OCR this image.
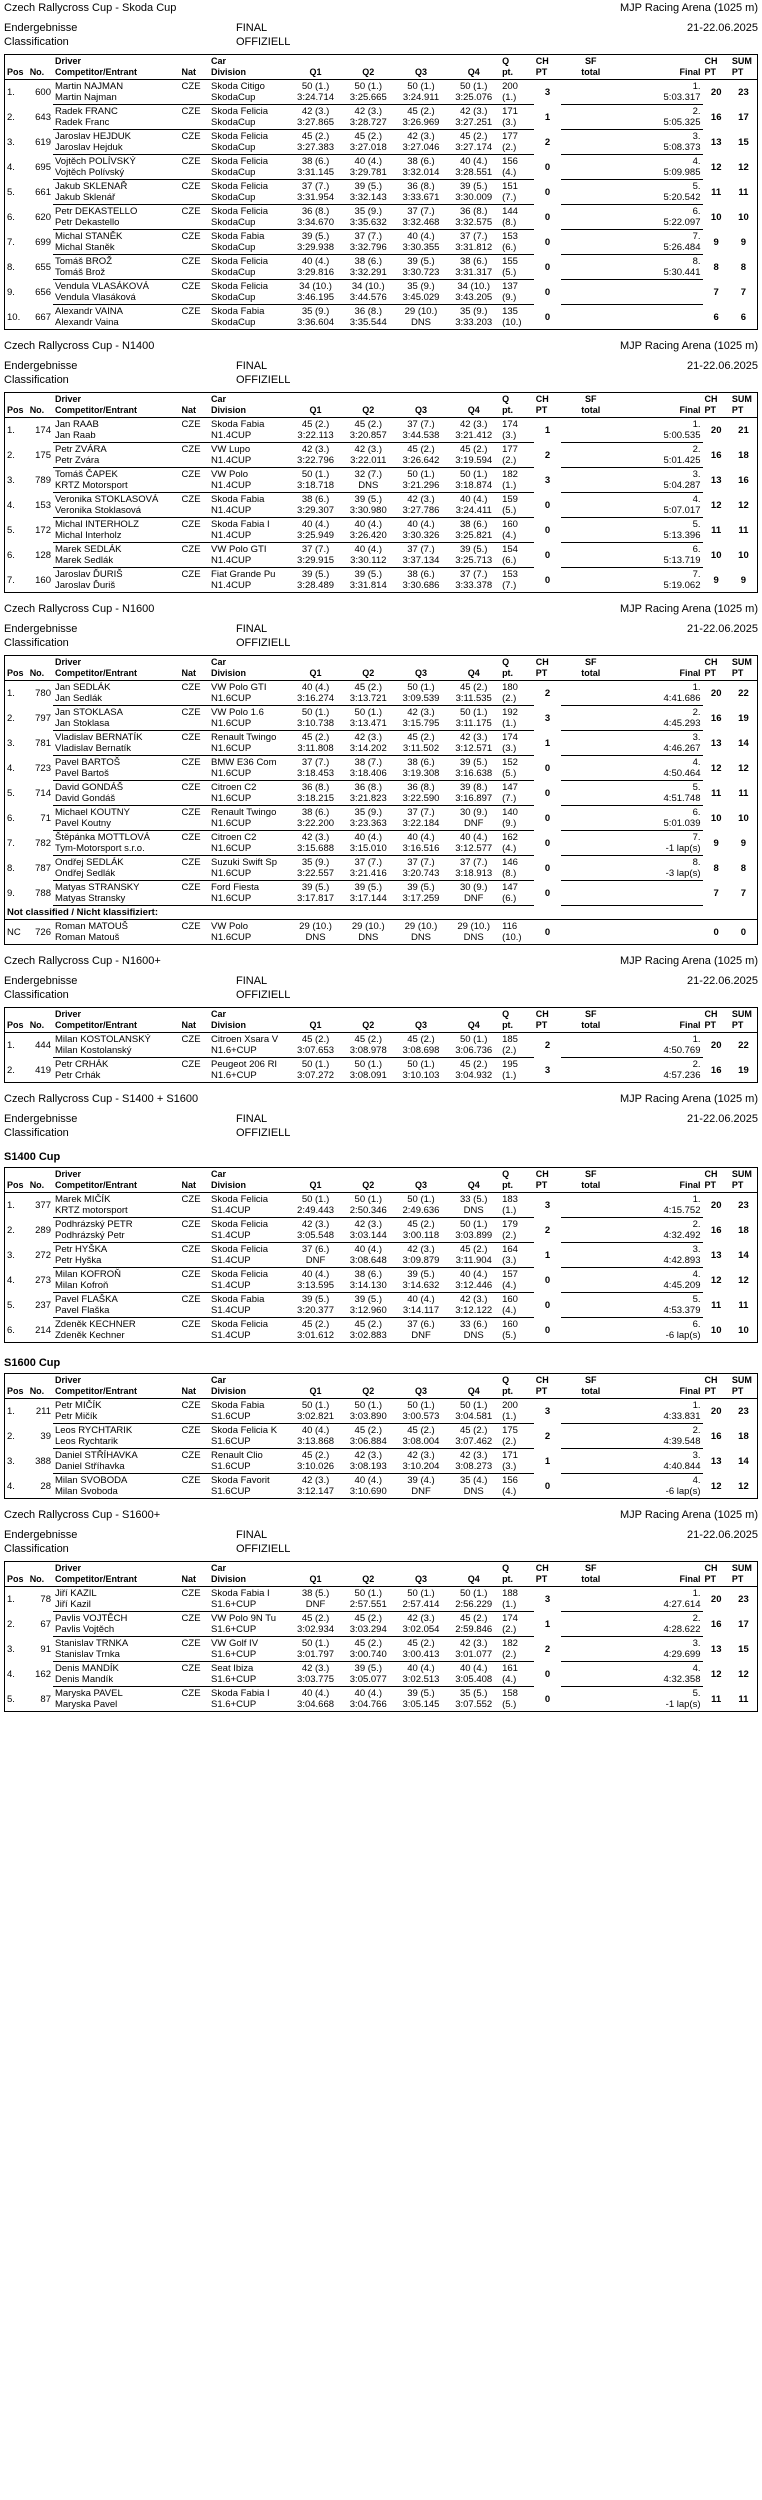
Czech Rallycross Cup - Skoda Cup	MJP Racing Arena (1025 m)
Endergebnisse	FINAL	21-22.06.2025
Classification	OFFIZIELL
Pos	No.	Driver
Competitor/Entrant	Nat	Car
Division	Q1	Q2	Q3	Q4	Q
pt.	CH
PT	SF
total	Final	CH
PT	SUM
PT
1.	600	Martin NAJMAN	CZE	Skoda Citigo	50 (1.)	50 (1.)	50 (1.)	50 (1.)	200	3		1.	20	23
		Martin Najman		SkodaCup	3:24.714	3:25.665	3:24.911	3:25.076	(1.)			5:03.317		
2.	643	Radek FRANC	CZE	Skoda Felicia	42 (3.)	42 (3.)	45 (2.)	42 (3.)	171	1		2.	16	17
		Radek Franc		SkodaCup	3:27.865	3:28.727	3:26.969	3:27.251	(3.)			5:05.325		
3.	619	Jaroslav HEJDUK	CZE	Skoda Felicia	45 (2.)	45 (2.)	42 (3.)	45 (2.)	177	2		3.	13	15
		Jaroslav Hejduk		SkodaCup	3:27.383	3:27.018	3:27.046	3:27.174	(2.)			5:08.373		
4.	695	Vojtěch POLÍVSKÝ	CZE	Skoda Felicia	38 (6.)	40 (4.)	38 (6.)	40 (4.)	156	0		4.	12	12
		Vojtěch Polívský		SkodaCup	3:31.145	3:29.781	3:32.014	3:28.551	(4.)			5:09.985		
5.	661	Jakub SKLENAŘ	CZE	Skoda Felicia	37 (7.)	39 (5.)	36 (8.)	39 (5.)	151	0		5.	11	11
		Jakub Sklenář		SkodaCup	3:31.954	3:32.143	3:33.671	3:30.009	(7.)			5:20.542		
6.	620	Petr DEKASTELLO	CZE	Skoda Felicia	36 (8.)	35 (9.)	37 (7.)	36 (8.)	144	0		6.	10	10
		Petr Dekastello		SkodaCup	3:34.670	3:35.632	3:32.468	3:32.575	(8.)			5:22.097		
7.	699	Michal STANĚK	CZE	Skoda Fabia	39 (5.)	37 (7.)	40 (4.)	37 (7.)	153	0		7.	9	9
		Michal Staněk		SkodaCup	3:29.938	3:32.796	3:30.355	3:31.812	(6.)			5:26.484		
8.	655	Tomáš BROŽ	CZE	Skoda Felicia	40 (4.)	38 (6.)	39 (5.)	38 (6.)	155	0		8.	8	8
		Tomáš Brož		SkodaCup	3:29.816	3:32.291	3:30.723	3:31.317	(5.)			5:30.441		
9.	656	Vendula VLASÁKOVÁ	CZE	Skoda Felicia	34 (10.)	34 (10.)	35 (9.)	34 (10.)	137	0			7	7
		Vendula Vlasáková		SkodaCup	3:46.195	3:44.576	3:45.029	3:43.205	(9.)					
10.	667	Alexandr VAINA	CZE	Skoda Fabia	35 (9.)	36 (8.)	29 (10.)	35 (9.)	135	0			6	6
		Alexandr Vaina		SkodaCup	3:36.604	3:35.544	DNS	3:33.203	(10.)					
Czech Rallycross Cup - N1400	MJP Racing Arena (1025 m)
Endergebnisse	FINAL	21-22.06.2025
Classification	OFFIZIELL
Pos	No.	Driver
Competitor/Entrant	Nat	Car
Division	Q1	Q2	Q3	Q4	Q
pt.	CH
PT	SF
total	Final	CH
PT	SUM
PT
1.	174	Jan RAAB	CZE	Skoda Fabia	45 (2.)	45 (2.)	37 (7.)	42 (3.)	174	1		1.	20	21
		Jan Raab		N1.4CUP	3:22.113	3:20.857	3:44.538	3:21.412	(3.)			5:00.535		
2.	175	Petr ZVÁRA	CZE	VW Lupo	42 (3.)	42 (3.)	45 (2.)	45 (2.)	177	2		2.	16	18
		Petr Zvára		N1.4CUP	3:22.796	3:22.011	3:26.642	3:19.594	(2.)			5:01.425		
3.	789	Tomáš ČAPEK	CZE	VW Polo	50 (1.)	32 (7.)	50 (1.)	50 (1.)	182	3		3.	13	16
		KRTZ Motorsport		N1.4CUP	3:18.718	DNS	3:21.296	3:18.874	(1.)			5:04.287		
4.	153	Veronika STOKLASOVÁ	CZE	Skoda Fabia	38 (6.)	39 (5.)	42 (3.)	40 (4.)	159	0		4.	12	12
		Veronika Stoklasová		N1.4CUP	3:29.307	3:30.980	3:27.786	3:24.411	(5.)			5:07.017		
5.	172	Michal INTERHOLZ	CZE	Skoda Fabia I	40 (4.)	40 (4.)	40 (4.)	38 (6.)	160	0		5.	11	11
		Michal Interholz		N1.4CUP	3:25.949	3:26.420	3:30.326	3:25.821	(4.)			5:13.396		
6.	128	Marek SEDLÁK	CZE	VW Polo GTI	37 (7.)	40 (4.)	37 (7.)	39 (5.)	154	0		6.	10	10
		Marek Sedlák		N1.4CUP	3:29.915	3:30.112	3:37.134	3:25.713	(6.)			5:13.719		
7.	160	Jaroslav ĎURIŠ	CZE	Fiat Grande Pu	39 (5.)	39 (5.)	38 (6.)	37 (7.)	153	0		7.	9	9
		Jaroslav Ďuriš		N1.4CUP	3:28.489	3:31.814	3:30.686	3:33.378	(7.)			5:19.062		
Czech Rallycross Cup - N1600	MJP Racing Arena (1025 m)
Endergebnisse	FINAL	21-22.06.2025
Classification	OFFIZIELL
Pos	No.	Driver
Competitor/Entrant	Nat	Car
Division	Q1	Q2	Q3	Q4	Q
pt.	CH
PT	SF
total	Final	CH
PT	SUM
PT
1.	780	Jan SEDLÁK	CZE	VW Polo GTI	40 (4.)	45 (2.)	50 (1.)	45 (2.)	180	2		1.	20	22
		Jan Sedlák		N1.6CUP	3:16.274	3:13.721	3:09.539	3:11.535	(2.)			4:41.686		
2.	797	Jan STOKLASA	CZE	VW Polo 1.6	50 (1.)	50 (1.)	42 (3.)	50 (1.)	192	3		2.	16	19
		Jan Stoklasa		N1.6CUP	3:10.738	3:13.471	3:15.795	3:11.175	(1.)			4:45.293		
3.	781	Vladislav BERNATÍK	CZE	Renault Twingo	45 (2.)	42 (3.)	45 (2.)	42 (3.)	174	1		3.	13	14
		Vladislav Bernatík		N1.6CUP	3:11.808	3:14.202	3:11.502	3:12.571	(3.)			4:46.267		
4.	723	Pavel BARTOŠ	CZE	BMW E36 Com	37 (7.)	38 (7.)	38 (6.)	39 (5.)	152	0		4.	12	12
		Pavel Bartoš		N1.6CUP	3:18.453	3:18.406	3:19.308	3:16.638	(5.)			4:50.464		
5.	714	David GONDÁŠ	CZE	Citroen C2	36 (8.)	36 (8.)	36 (8.)	39 (8.)	147	0		5.	11	11
		David Gondáš		N1.6CUP	3:18.215	3:21.823	3:22.590	3:16.897	(7.)			4:51.748		
6.	71	Michael KOUTNY	CZE	Renault Twingo	38 (6.)	35 (9.)	37 (7.)	30 (9.)	140	0		6.	10	10
		Pavel Koutny		N1.6CUP	3:22.200	3:23.363	3:22.184	DNF	(9.)			5:01.039		
7.	782	Štěpánka MOTTLOVÁ	CZE	Citroen C2	42 (3.)	40 (4.)	40 (4.)	40 (4.)	162	0		7.	9	9
		Tym-Motorsport s.r.o.		N1.6CUP	3:15.688	3:15.010	3:16.516	3:12.577	(4.)			-1 lap(s)		
8.	787	Ondřej SEDLÁK	CZE	Suzuki Swift Sp	35 (9.)	37 (7.)	37 (7.)	37 (7.)	146	0		8.	8	8
		Ondřej Sedlák		N1.6CUP	3:22.557	3:21.416	3:20.743	3:18.913	(8.)			-3 lap(s)		
9.	788	Matyas STRANSKY	CZE	Ford Fiesta	39 (5.)	39 (5.)	39 (5.)	30 (9.)	147	0			7	7
		Matyas Stransky		N1.6CUP	3:17.817	3:17.144	3:17.259	DNF	(6.)					
Not classified / Nicht klassifiziert:														
NC	726	Roman MATOUŠ	CZE	VW Polo	29 (10.)	29 (10.)	29 (10.)	29 (10.)	116	0			0	0
		Roman Matouš		N1.6CUP	DNS	DNS	DNS	DNS	(10.)					
Czech Rallycross Cup - N1600+	MJP Racing Arena (1025 m)
Endergebnisse	FINAL	21-22.06.2025
Classification	OFFIZIELL
Pos	No.	Driver
Competitor/Entrant	Nat	Car
Division	Q1	Q2	Q3	Q4	Q
pt.	CH
PT	SF
total	Final	CH
PT	SUM
PT
1.	444	Milan KOSTOLANSKÝ	CZE	Citroen Xsara V	45 (2.)	45 (2.)	45 (2.)	50 (1.)	185	2		1.	20	22
		Milan Kostolanský		N1.6+CUP	3:07.653	3:08.978	3:08.698	3:06.736	(2.)			4:50.769		
2.	419	Petr CRHÁK	CZE	Peugeot 206 RI	50 (1.)	50 (1.)	50 (1.)	45 (2.)	195	3		2.	16	19
		Petr Crhák		N1.6+CUP	3:07.272	3:08.091	3:10.103	3:04.932	(1.)			4:57.236		
Czech Rallycross Cup - S1400 + S1600	MJP Racing Arena (1025 m)
Endergebnisse	FINAL	21-22.06.2025
Classification	OFFIZIELL
S1400 Cup
Pos	No.	Driver
Competitor/Entrant	Nat	Car
Division	Q1	Q2	Q3	Q4	Q
pt.	CH
PT	SF
total	Final	CH
PT	SUM
PT
1.	377	Marek MIČÍK	CZE	Skoda Felicia	50 (1.)	50 (1.)	50 (1.)	33 (5.)	183	3		1.	20	23
		KRTZ motorsport		S1.4CUP	2:49.443	2:50.346	2:49.636	DNS	(1.)			4:15.752		
2.	289	Podhrázský PETR	CZE	Skoda Felicia	42 (3.)	42 (3.)	45 (2.)	50 (1.)	179	2		2.	16	18
		Podhrázský Petr		S1.4CUP	3:05.548	3:03.144	3:00.118	3:03.899	(2.)			4:32.492		
3.	272	Petr HYŠKA	CZE	Skoda Felicia	37 (6.)	40 (4.)	42 (3.)	45 (2.)	164	1		3.	13	14
		Petr Hyška		S1.4CUP	DNF	3:08.648	3:09.879	3:11.904	(3.)			4:42.893		
4.	273	Milan KOFROŇ	CZE	Skoda Felicia	40 (4.)	38 (6.)	39 (5.)	40 (4.)	157	0		4.	12	12
		Milan Kofroň		S1.4CUP	3:13.595	3:14.130	3:14.632	3:12.446	(4.)			4:45.209		
5.	237	Pavel FLAŠKA	CZE	Skoda Fabia	39 (5.)	39 (5.)	40 (4.)	42 (3.)	160	0		5.	11	11
		Pavel Flaška		S1.4CUP	3:20.377	3:12.960	3:14.117	3:12.122	(4.)			4:53.379		
6.	214	Zdeněk KECHNER	CZE	Skoda Felicia	45 (2.)	45 (2.)	37 (6.)	33 (6.)	160	0		6.	10	10
		Zdeněk Kechner		S1.4CUP	3:01.612	3:02.883	DNF	DNS	(5.)			-6 lap(s)		
S1600 Cup
Pos	No.	Driver
Competitor/Entrant	Nat	Car
Division	Q1	Q2	Q3	Q4	Q
pt.	CH
PT	SF
total	Final	CH
PT	SUM
PT
1.	211	Petr MIČÍK	CZE	Skoda Fabia	50 (1.)	50 (1.)	50 (1.)	50 (1.)	200	3		1.	20	23
		Petr Mičík		S1.6CUP	3:02.821	3:03.890	3:00.573	3:04.581	(1.)			4:33.831		
2.	39	Leos RYCHTARIK	CZE	Skoda Felicia K	40 (4.)	45 (2.)	45 (2.)	45 (2.)	175	2		2.	16	18
		Leos Rychtarik		S1.6CUP	3:13.868	3:06.884	3:08.004	3:07.462	(2.)			4:39.548		
3.	388	Daniel STŘÍHAVKA	CZE	Renault Clio	45 (2.)	42 (3.)	42 (3.)	42 (3.)	171	1		3.	13	14
		Daniel Stříhavka		S1.6CUP	3:10.026	3:08.193	3:10.204	3:08.273	(3.)			4:40.844		
4.	28	Milan SVOBODA	CZE	Skoda Favorit	42 (3.)	40 (4.)	39 (4.)	35 (4.)	156	0		4.	12	12
		Milan Svoboda		S1.6CUP	3:12.147	3:10.690	DNF	DNS	(4.)			-6 lap(s)		
Czech Rallycross Cup - S1600+	MJP Racing Arena (1025 m)
Endergebnisse	FINAL	21-22.06.2025
Classification	OFFIZIELL
Pos	No.	Driver
Competitor/Entrant	Nat	Car
Division	Q1	Q2	Q3	Q4	Q
pt.	CH
PT	SF
total	Final	CH
PT	SUM
PT
1.	78	Jiří KAZIL	CZE	Skoda Fabia I	38 (5.)	50 (1.)	50 (1.)	50 (1.)	188	3		1.	20	23
		Jiří Kazil		S1.6+CUP	DNF	2:57.551	2:57.414	2:56.229	(1.)			4:27.614		
2.	67	Pavlis VOJTĚCH	CZE	VW Polo 9N Tu	45 (2.)	45 (2.)	42 (3.)	45 (2.)	174	1		2.	16	17
		Pavlis Vojtěch		S1.6+CUP	3:02.934	3:03.294	3:02.054	2:59.846	(2.)			4:28.622		
3.	91	Stanislav TRNKA	CZE	VW Golf IV	50 (1.)	45 (2.)	45 (2.)	42 (3.)	182	2		3.	13	15
		Stanislav Trnka		S1.6+CUP	3:01.797	3:00.740	3:00.413	3:01.077	(2.)			4:29.699		
4.	162	Denis MANDÍK	CZE	Seat Ibiza	42 (3.)	39 (5.)	40 (4.)	40 (4.)	161	0		4.	12	12
		Denis Mandík		S1.6+CUP	3:03.775	3:05.077	3:02.513	3:05.408	(4.)			4:32.358		
5.	87	Maryska PAVEL	CZE	Skoda Fabia I	40 (4.)	40 (4.)	39 (5.)	35 (5.)	158	0		5.	11	11
		Maryska Pavel		S1.6+CUP	3:04.668	3:04.766	3:05.145	3:07.552	(5.)			-1 lap(s)		
